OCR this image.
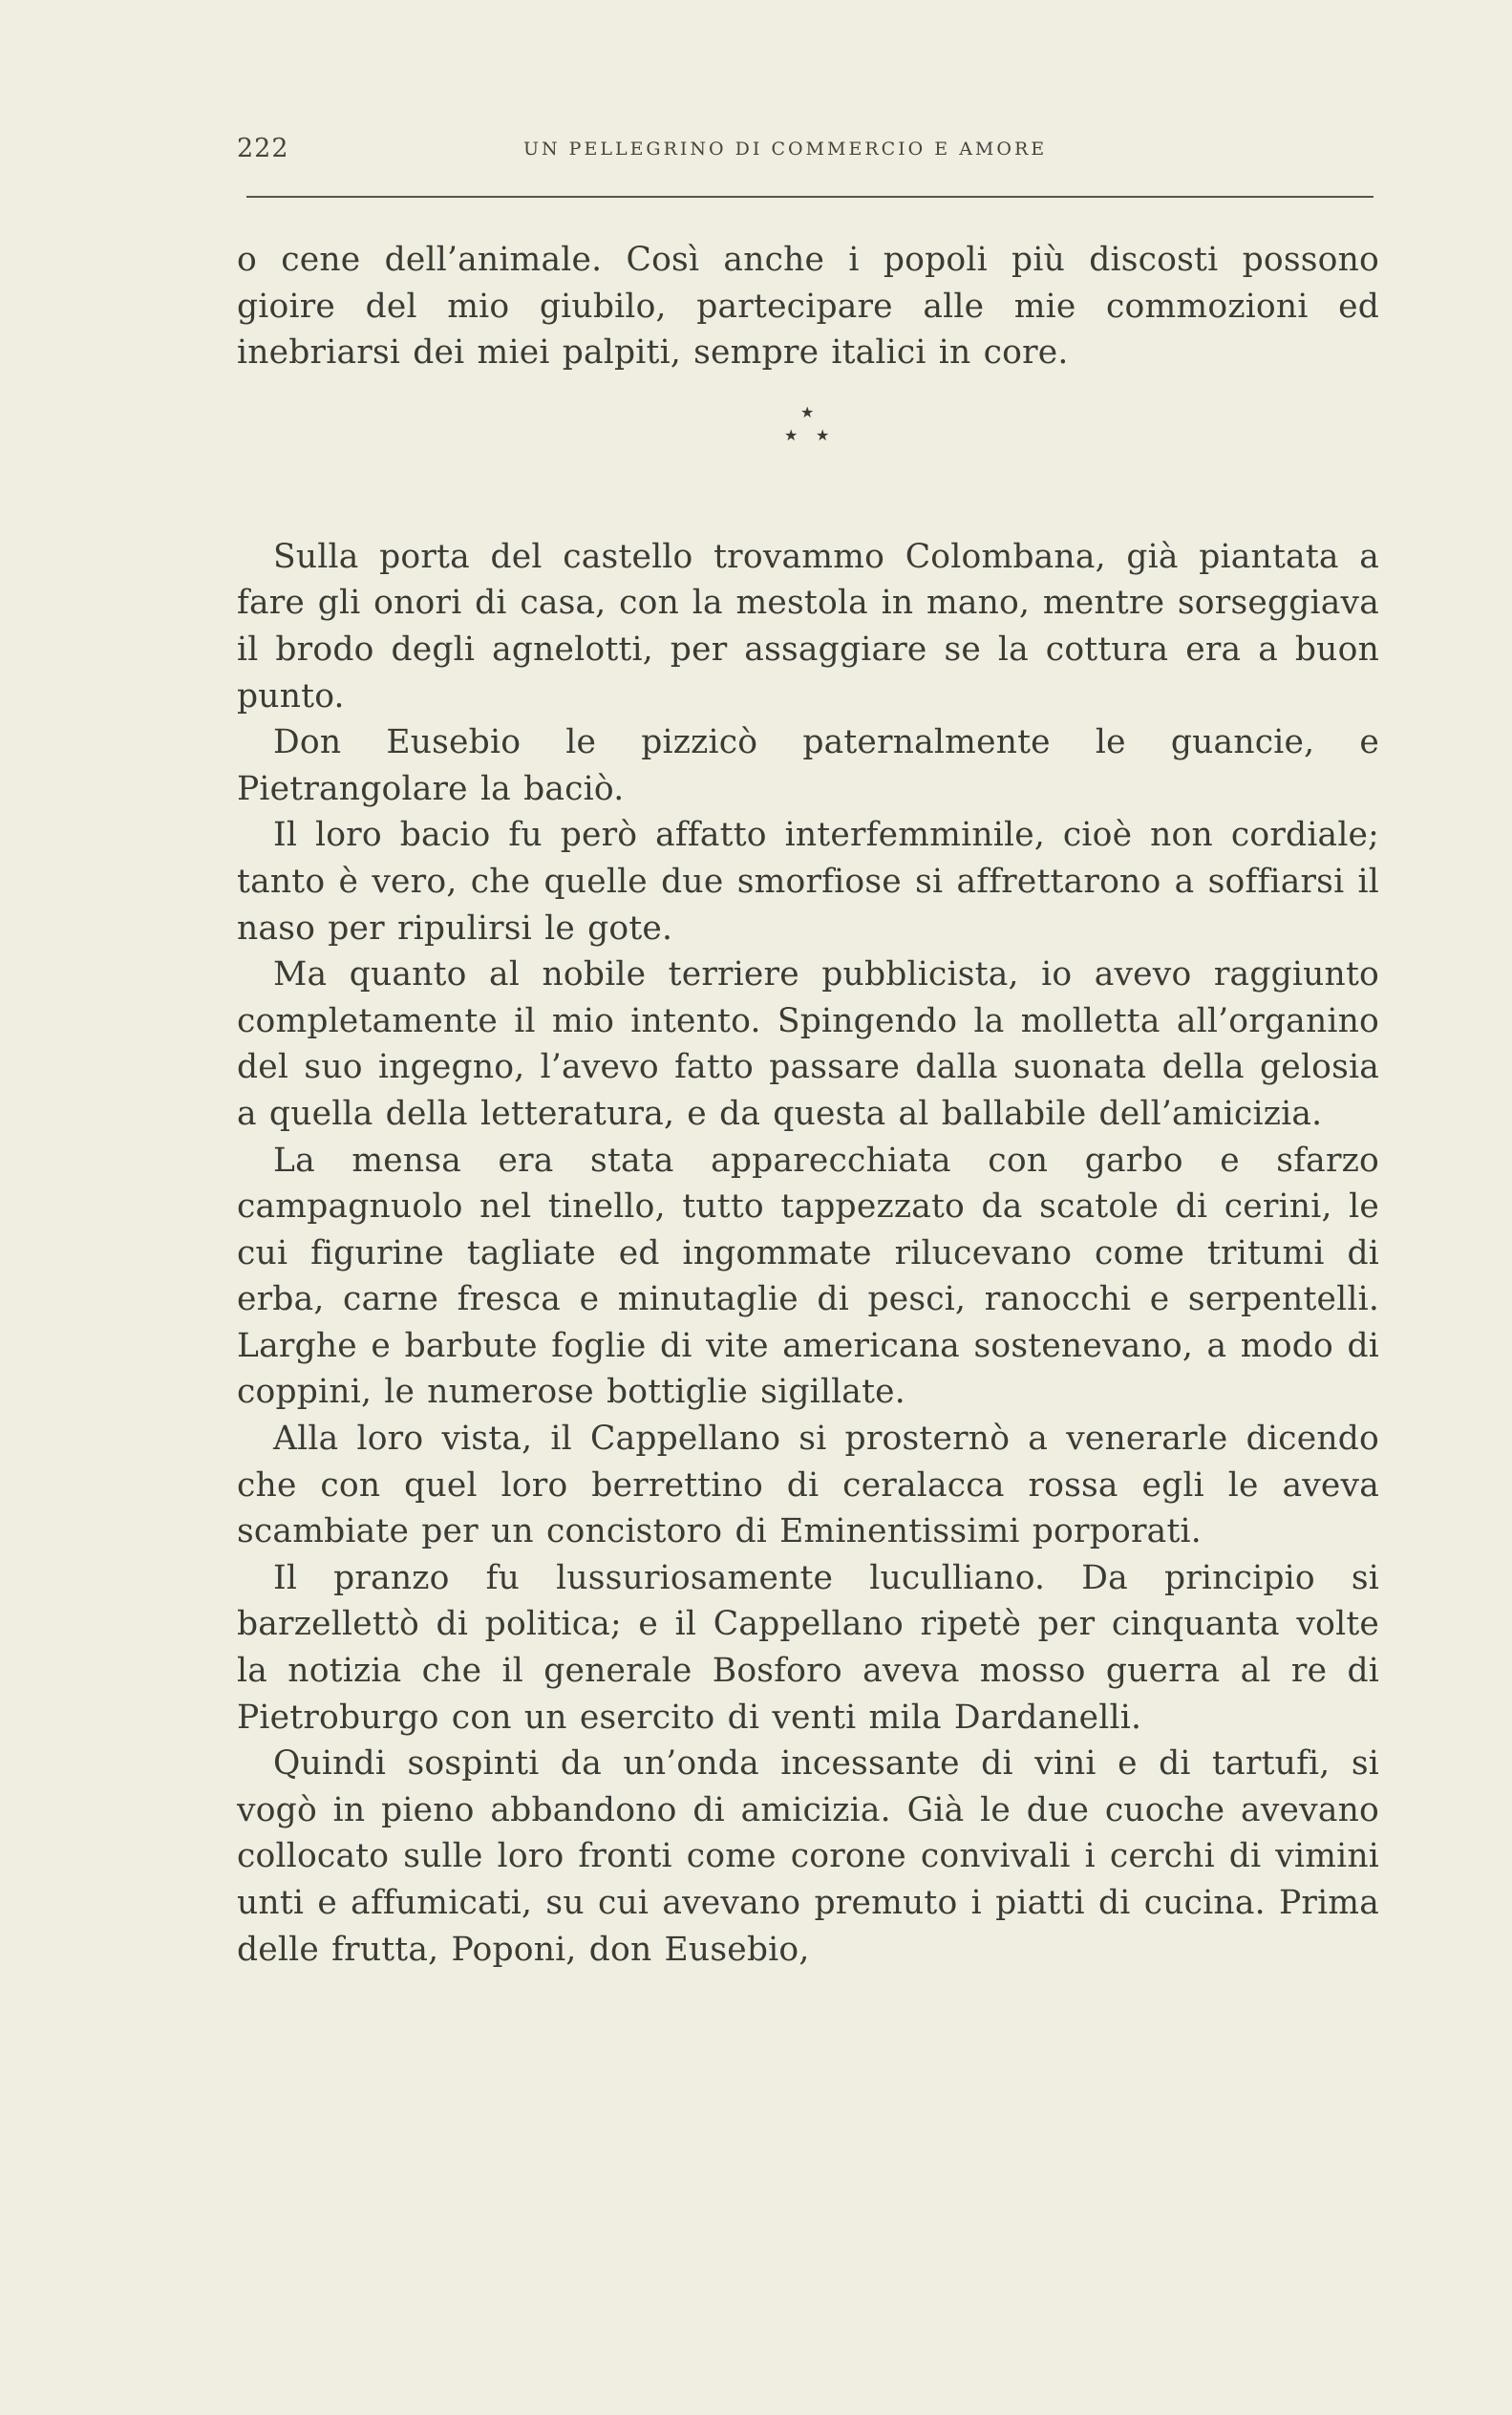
222	UN PELLEGRINO DI COMMERCIO E AMORE

o cene dell’animale. Così anche i popoli più discosti possono gioire del mio giubilo, partecipare alle mie commozioni ed inebriarsi dei miei palpiti, sempre italici in core.

★
★ ★

Sulla porta del castello trovammo Colombana, già piantata a fare gli onori di casa, con la mestola in mano, mentre sorseggiava il brodo degli agnelotti, per assaggiare se la cottura era a buon punto.

Don Eusebio le pizzicò paternalmente le guancie, e Pietrangolare la baciò.

Il loro bacio fu però affatto interfemminile, cioè non cordiale; tanto è vero, che quelle due smorfiose si affrettarono a soffiarsi il naso per ripulirsi le gote.

Ma quanto al nobile terriere pubblicista, io avevo raggiunto completamente il mio intento. Spingendo la molletta all’organino del suo ingegno, l’avevo fatto passare dalla suonata della gelosia a quella della letteratura, e da questa al ballabile dell’amicizia.

La mensa era stata apparecchiata con garbo e sfarzo campagnuolo nel tinello, tutto tappezzato da scatole di cerini, le cui figurine tagliate ed ingommate rilucevano come tritumi di erba, carne fresca e minutaglie di pesci, ranocchi e serpentelli. Larghe e barbute foglie di vite americana sostenevano, a modo di coppini, le numerose bottiglie sigillate.

Alla loro vista, il Cappellano si prosternò a venerarle dicendo che con quel loro berrettino di ceralacca rossa egli le aveva scambiate per un concistoro di Eminentissimi porporati.

Il pranzo fu lussuriosamente luculliano. Da principio si barzellettò di politica; e il Cappellano ripetè per cinquanta volte la notizia che il generale Bosforo aveva mosso guerra al re di Pietroburgo con un esercito di venti mila Dardanelli.

Quindi sospinti da un’onda incessante di vini e di tartufi, si vogò in pieno abbandono di amicizia. Già le due cuoche avevano collocato sulle loro fronti come corone convivali i cerchi di vimini unti e affumicati, su cui avevano premuto i piatti di cucina. Prima delle frutta, Poponi, don Eusebio,
